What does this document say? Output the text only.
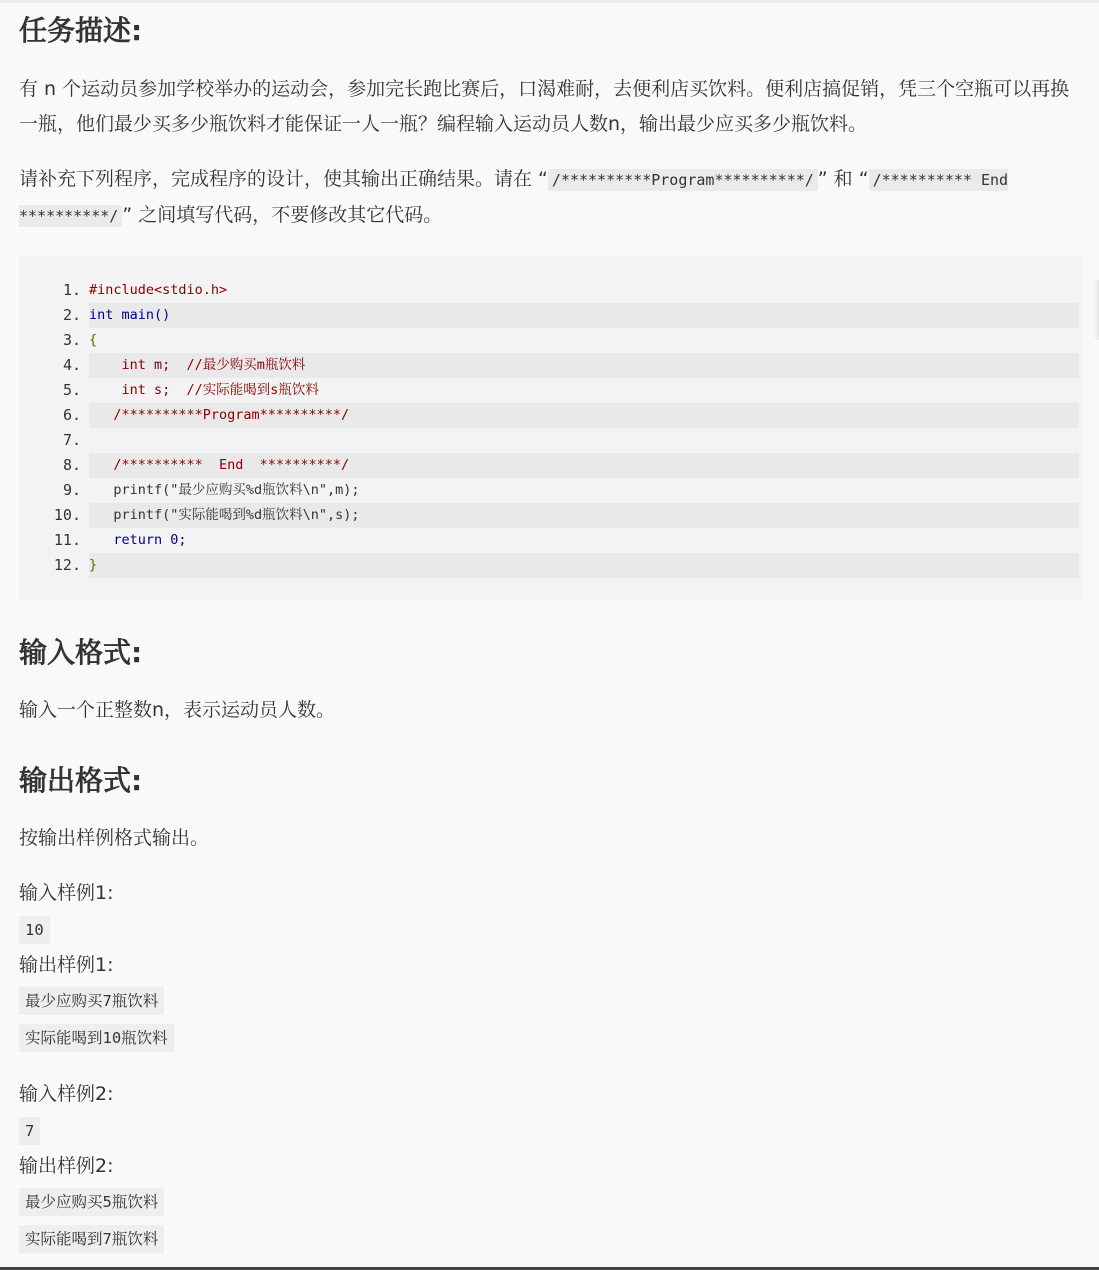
任务描述:
有 n 个运动员参加学校举办的运动会，参加完长跑比赛后，口渴难耐，去便利店买饮料。便利店搞促销，凭三个空瓶可以再换一瓶，他们最少买多少瓶饮料才能保证一人一瓶？编程输入运动员人数n，输出最少应买多少瓶饮料。
请补充下列程序，完成程序的设计，使其输出正确结果。请在 “ /**********Program**********/ ” 和 “ /********** End **********/ ” 之间填写代码，不要修改其它代码。
1. #include<stdio.h>
2. int main()
3. {
4. int m;  //最少购买m瓶饮料
5. int s;  //实际能喝到s瓶饮料
6. /**********Program**********/
7.
8. /**********  End  **********/
9. printf("最少应购买%d瓶饮料\n",m);
10. printf("实际能喝到%d瓶饮料\n",s);
11. return 0;
12. }
输入格式:
输入一个正整数n，表示运动员人数。
输出格式:
按输出样例格式输出。
输入样例1:
10
输出样例1:
最少应购买7瓶饮料
实际能喝到10瓶饮料
输入样例2:
7
输出样例2:
最少应购买5瓶饮料
实际能喝到7瓶饮料
